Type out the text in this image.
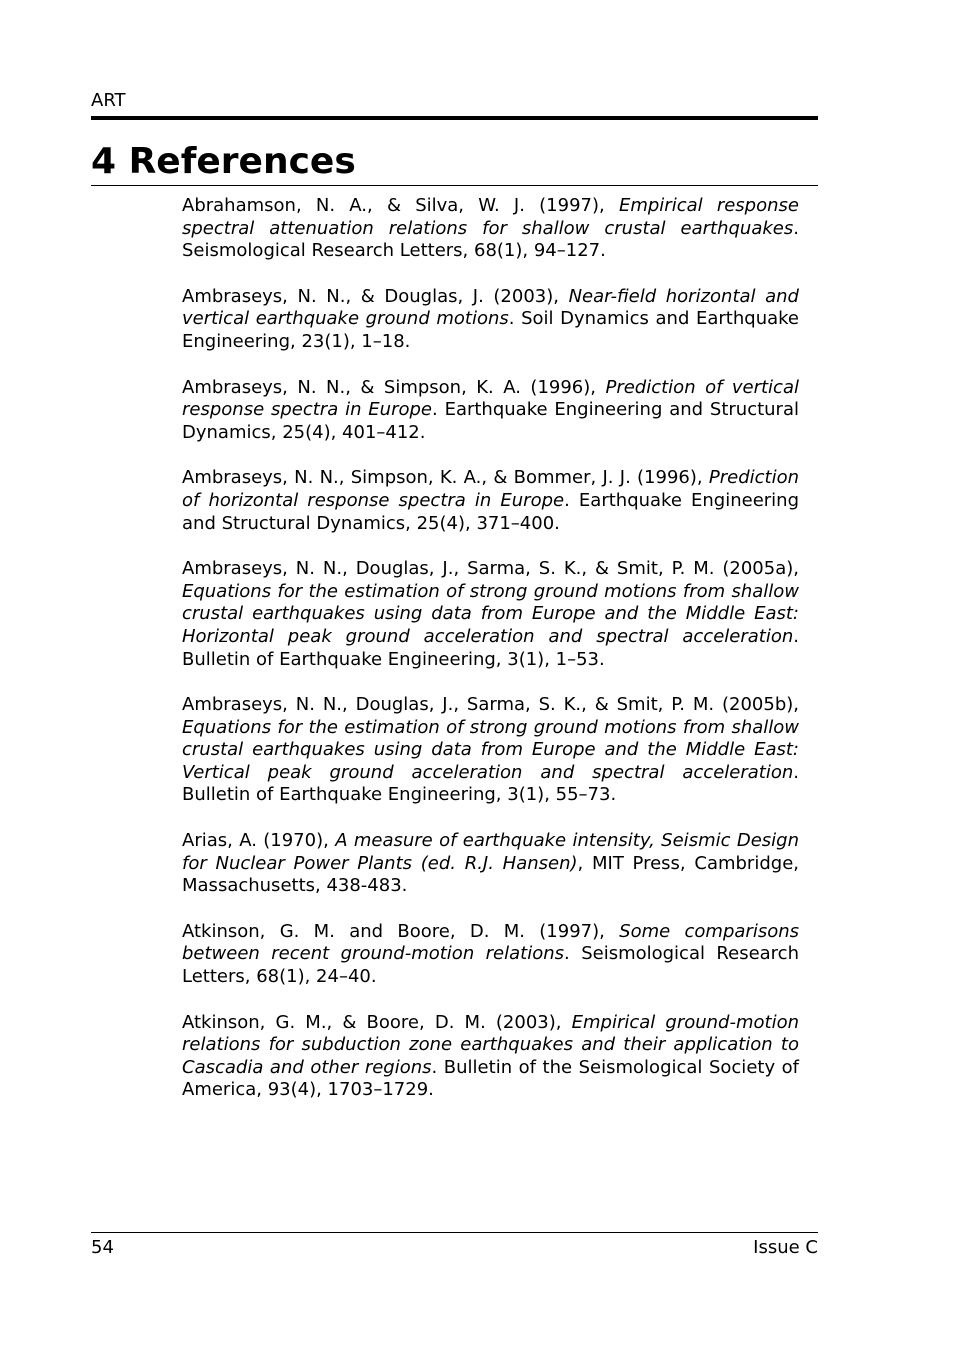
ART
4 References
Abrahamson, N. A., & Silva, W. J. (1997), Empirical response spectral attenuation relations for shallow crustal earthquakes. Seismological Research Letters, 68(1), 94–127.
Ambraseys, N. N., & Douglas, J. (2003), Near-field horizontal and vertical earthquake ground motions. Soil Dynamics and Earthquake Engineering, 23(1), 1–18.
Ambraseys, N. N., & Simpson, K. A. (1996), Prediction of vertical response spectra in Europe. Earthquake Engineering and Structural Dynamics, 25(4), 401–412.
Ambraseys, N. N., Simpson, K. A., & Bommer, J. J. (1996), Prediction of horizontal response spectra in Europe. Earthquake Engineering and Structural Dynamics, 25(4), 371–400.
Ambraseys, N. N., Douglas, J., Sarma, S. K., & Smit, P. M. (2005a), Equations for the estimation of strong ground motions from shallow crustal earthquakes using data from Europe and the Middle East: Horizontal peak ground acceleration and spectral acceleration. Bulletin of Earthquake Engineering, 3(1), 1–53.
Ambraseys, N. N., Douglas, J., Sarma, S. K., & Smit, P. M. (2005b), Equations for the estimation of strong ground motions from shallow crustal earthquakes using data from Europe and the Middle East: Vertical peak ground acceleration and spectral acceleration. Bulletin of Earthquake Engineering, 3(1), 55–73.
Arias, A. (1970), A measure of earthquake intensity, Seismic Design for Nuclear Power Plants (ed. R.J. Hansen), MIT Press, Cambridge, Massachusetts, 438-483.
Atkinson, G. M. and Boore, D. M. (1997), Some comparisons between recent ground-motion relations. Seismological Research Letters, 68(1), 24–40.
Atkinson, G. M., & Boore, D. M. (2003), Empirical ground-motion relations for subduction zone earthquakes and their application to Cascadia and other regions. Bulletin of the Seismological Society of America, 93(4), 1703–1729.
54	Issue C
